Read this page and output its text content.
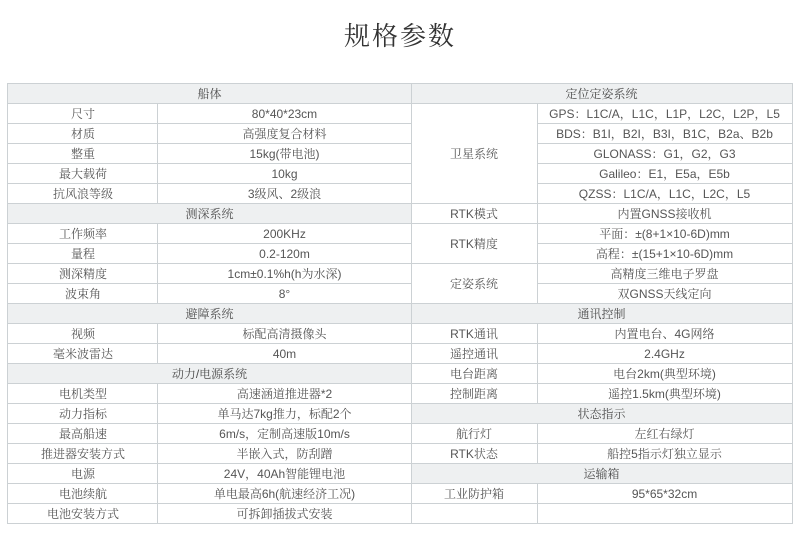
规格参数
船体		定位定姿系统	
尺寸	80*40*23cm	卫星系统	GPS：L1C/A，L1C，L1P，L2C，L2P，L5
材质	高强度复合材料		BDS：B1I，B2I，B3I，B1C，B2a、B2b
整重	15kg(带电池)		GLONASS：G1，G2，G3
最大载荷	10kg		Galileo：E1，E5a，E5b
抗风浪等级	3级风、2级浪		QZSS：L1C/A，L1C，L2C，L5
测深系统		RTK模式	内置GNSS接收机
工作频率	200KHz	RTK精度	平面：±(8+1×10-6D)mm
量程	0.2-120m		高程：±(15+1×10-6D)mm
测深精度	1cm±0.1%h(h为水深)	定姿系统	高精度三维电子罗盘
波束角	8°		双GNSS天线定向
避障系统		通讯控制	
视频	标配高清摄像头	RTK通讯	内置电台、4G网络
毫米波雷达	40m	遥控通讯	2.4GHz
动力/电源系统		电台距离	电台2km(典型环境)
电机类型	高速涵道推进器*2	控制距离	遥控1.5km(典型环境)
动力指标	单马达7kg推力，标配2个	状态指示	
最高船速	6m/s，定制高速版10m/s	航行灯	左红右绿灯
推进器安装方式	半嵌入式，防刮蹭	RTK状态	船控5指示灯独立显示
电源	24V，40Ah智能锂电池	运输箱	
电池续航	单电最高6h(航速经济工况)	工业防护箱	95*65*32cm
电池安装方式	可拆卸插拔式安装		
